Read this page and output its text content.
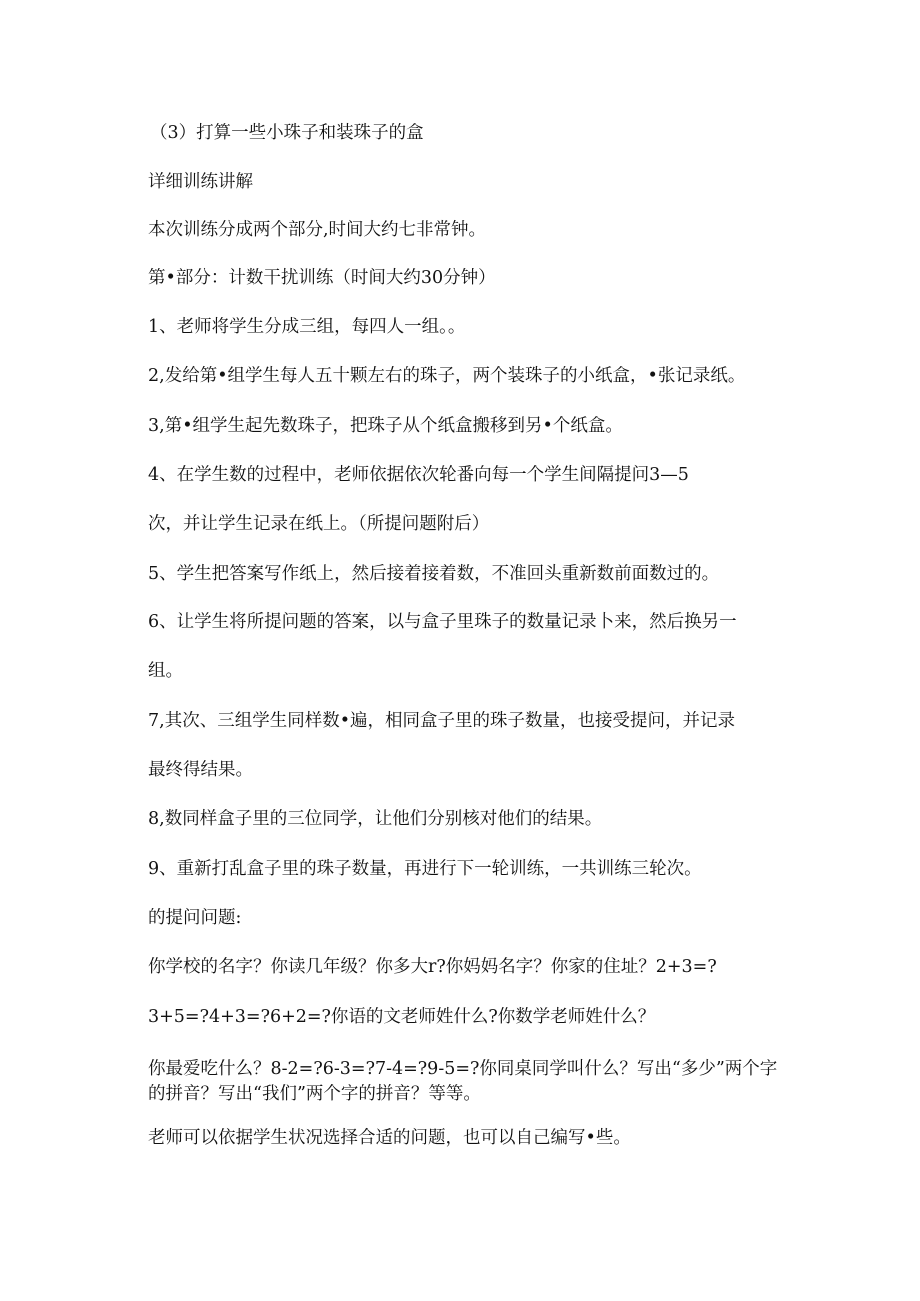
（3）打算一些小珠子和装珠子的盒
详细训练讲解
本次训练分成两个部分,时间大约七非常钟。
第•部分：计数干扰训练（时间大约30分钟）
1、老师将学生分成三组，每四人一组。。
2,发给第•组学生每人五十颗左右的珠子，两个装珠子的小纸盒，•张记录纸。
3,第•组学生起先数珠子，把珠子从个纸盒搬移到另•个纸盒。
4、在学生数的过程中，老师依据依次轮番向每一个学生间隔提问3—5
次，并让学生记录在纸上。（所提问题附后）
5、学生把答案写作纸上，然后接着接着数，不准回头重新数前面数过的。
6、让学生将所提问题的答案，以与盒子里珠子的数量记录卜来，然后换另一
组。
7,其次、三组学生同样数•遍，相同盒子里的珠子数量，也接受提问，并记录
最终得结果。
8,数同样盒子里的三位同学，让他们分别核对他们的结果。
9、重新打乱盒子里的珠子数量，再进行下一轮训练，一共训练三轮次。
的提问问题:
你学校的名字？你读几年级？你多大r?你妈妈名字？你家的住址？2+3=?
3+5=?4+3=?6+2=?你语的文老师姓什么?你数学老师姓什么？
你最爱吃什么？8-2=?6-3=?7-4=?9-5=?你同桌同学叫什么？写出“多少”两个字的拼音？写出“我们”两个字的拼音？等等。
老师可以依据学生状况选择合适的问题，也可以自己编写•些。
